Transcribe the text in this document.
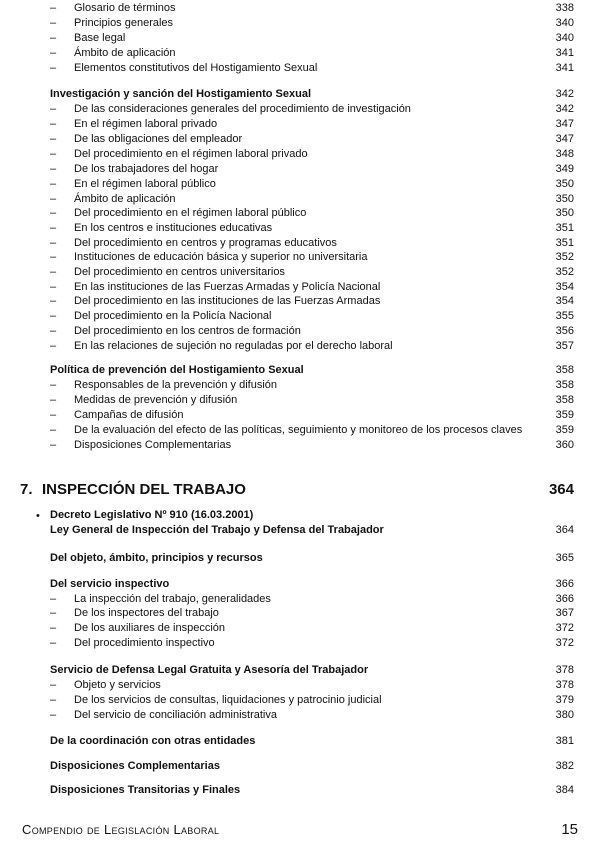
– Glosario de términos	338
– Principios generales	340
– Base legal	340
– Ámbito de aplicación	341
– Elementos constitutivos del Hostigamiento Sexual	341
Investigación y sanción del Hostigamiento Sexual	342
– De las consideraciones generales del procedimiento de investigación	342
– En el régimen laboral privado	347
– De las obligaciones del empleador	347
– Del procedimiento en el régimen laboral privado	348
– De los trabajadores del hogar	349
– En el régimen laboral público	350
– Ámbito de aplicación	350
– Del procedimiento en el régimen laboral público	350
– En los centros e instituciones educativas	351
– Del procedimiento en centros y programas educativos	351
– Instituciones de educación básica y superior no universitaria	352
– Del procedimiento en centros universitarios	352
– En las instituciones de las Fuerzas Armadas y Policía Nacional	354
– Del procedimiento en las instituciones de las Fuerzas Armadas	354
– Del procedimiento en la Policía Nacional	355
– Del procedimiento en los centros de formación	356
– En las relaciones de sujeción no reguladas por el derecho laboral	357
Política de prevención del Hostigamiento Sexual	358
– Responsables de la prevención y difusión	358
– Medidas de prevención y difusión	358
– Campañas de difusión	359
– De la evaluación del efecto de las políticas, seguimiento y monitoreo de los procesos claves	359
– Disposiciones Complementarias	360
7. INSPECCIÓN DEL TRABAJO	364
• Decreto Legislativo Nº 910 (16.03.2001)
Ley General de Inspección del Trabajo y Defensa del Trabajador	364
Del objeto, ámbito, principios y recursos	365
Del servicio inspectivo	366
– La inspección del trabajo, generalidades	366
– De los inspectores del trabajo	367
– De los auxiliares de inspección	372
– Del procedimiento inspectivo	372
Servicio de Defensa Legal Gratuita y Asesoría del Trabajador	378
– Objeto y servicios	378
– De los servicios de consultas, liquidaciones y patrocinio judicial	379
– Del servicio de conciliación administrativa	380
De la coordinación con otras entidades	381
Disposiciones Complementarias	382
Disposiciones Transitorias y Finales	384
Compendio de Legislación Laboral	15
